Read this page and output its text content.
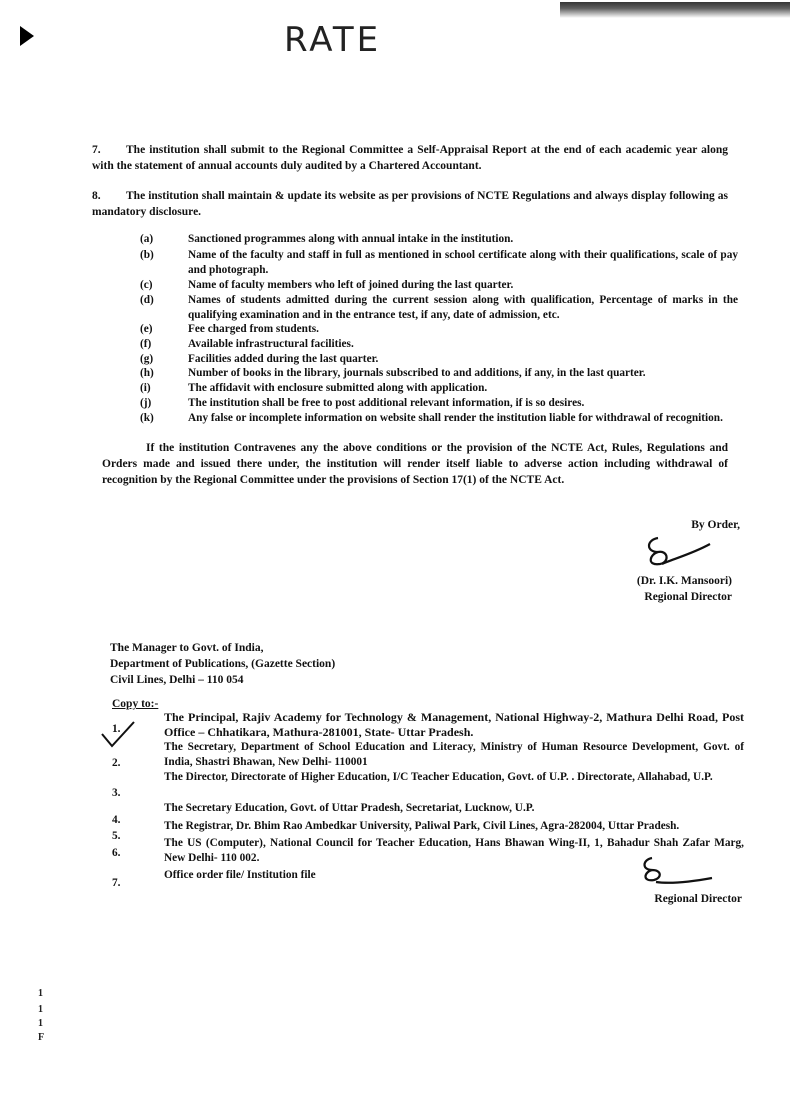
RATE
7. The institution shall submit to the Regional Committee a Self-Appraisal Report at the end of each academic year along with the statement of annual accounts duly audited by a Chartered Accountant.
8. The institution shall maintain & update its website as per provisions of NCTE Regulations and always display following as mandatory disclosure.
(a)	Sanctioned programmes along with annual intake in the institution.
(b)	Name of the faculty and staff in full as mentioned in school certificate along with their qualifications, scale of pay and photograph.
(c)	Name of faculty members who left of joined during the last quarter.
(d)	Names of students admitted during the current session along with qualification, Percentage of marks in the qualifying examination and in the entrance test, if any, date of admission, etc.
(e)	Fee charged from students.
(f)	Available infrastructural facilities.
(g)	Facilities added during the last quarter.
(h)	Number of books in the library, journals subscribed to and additions, if any, in the last quarter.
(i)	The affidavit with enclosure submitted along with application.
(j)	The institution shall be free to post additional relevant information, if is so desires.
(k)	Any false or incomplete information on website shall render the institution liable for withdrawal of recognition.
If the institution Contravenes any the above conditions or the provision of the NCTE Act, Rules, Regulations and Orders made and issued there under, the institution will render itself liable to adverse action including withdrawal of recognition by the Regional Committee under the provisions of Section 17(1) of the NCTE Act.
By Order,
(Dr. I.K. Mansoori)
Regional Director
The Manager to Govt. of India,
Department of Publications, (Gazette Section)
Civil Lines, Delhi – 110 054
Copy to:-
1.
The Principal, Rajiv Academy for Technology & Management, National Highway-2, Mathura Delhi Road, Post Office – Chhatikara, Mathura-281001, State- Uttar Pradesh.
2.
The Secretary, Department of School Education and Literacy, Ministry of Human Resource Development, Govt. of India, Shastri Bhawan, New Delhi- 110001
3.
The Director, Directorate of Higher Education, I/C Teacher Education, Govt. of U.P. . Directorate, Allahabad, U.P.
4.
The Secretary Education, Govt. of Uttar Pradesh, Secretariat, Lucknow, U.P.
5.
The Registrar, Dr. Bhim Rao Ambedkar University, Paliwal Park, Civil Lines, Agra-282004, Uttar Pradesh.
6.
The US (Computer), National Council for Teacher Education, Hans Bhawan Wing-II, 1, Bahadur Shah Zafar Marg, New Delhi- 110 002.
7.
Office order file/ Institution file
Regional Director
1
1
1
F
